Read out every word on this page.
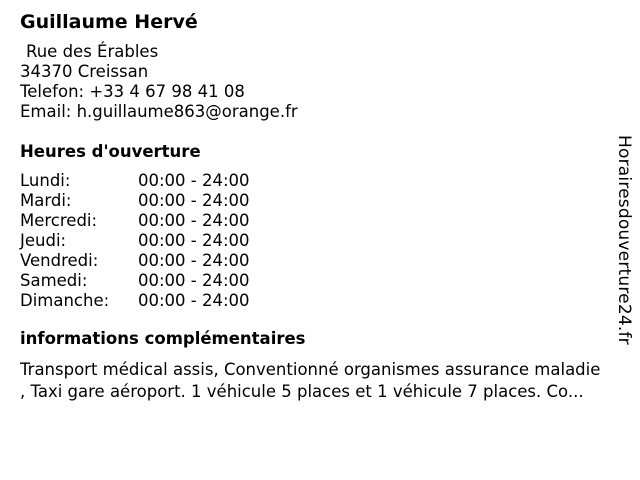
Guillaume Hervé
Rue des Érables
34370 Creissan
Telefon: +33 4 67 98 41 08
Email: h.guillaume863@orange.fr
Heures d'ouverture
Lundi:	00:00 - 24:00
Mardi:	00:00 - 24:00
Mercredi:	00:00 - 24:00
Jeudi:	00:00 - 24:00
Vendredi:	00:00 - 24:00
Samedi:	00:00 - 24:00
Dimanche:	00:00 - 24:00
informations complémentaires
Transport médical assis, Conventionné organismes assurance maladie
, Taxi gare aéroport. 1 véhicule 5 places et 1 véhicule 7 places. Co...
Horairesdouverture24.fr
